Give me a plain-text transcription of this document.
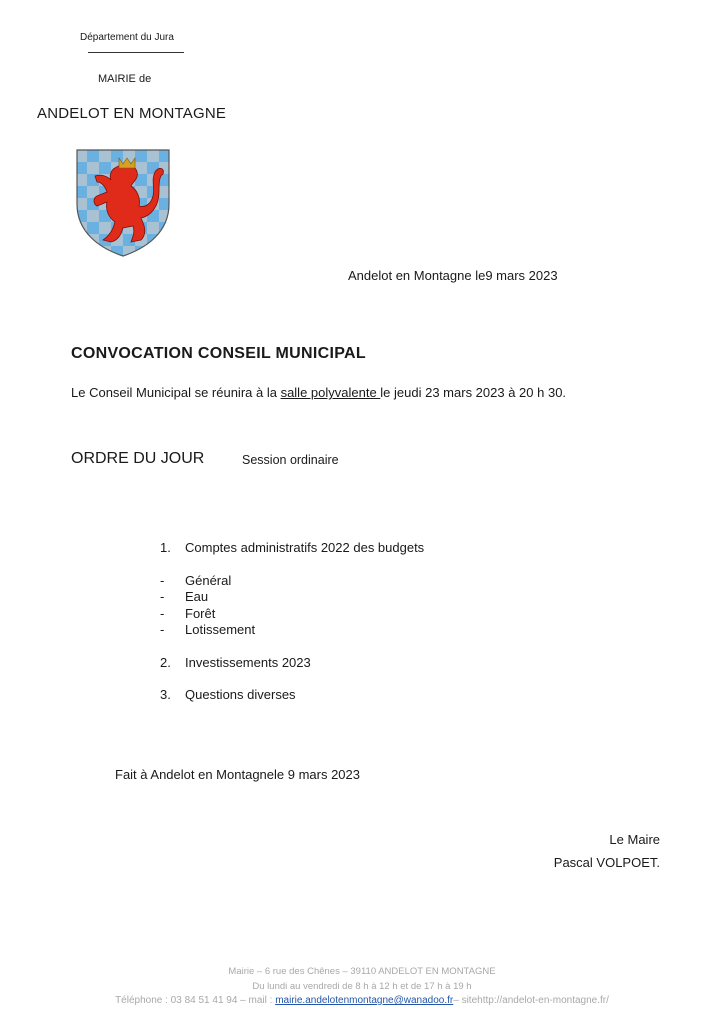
Département du Jura
MAIRIE de
ANDELOT EN MONTAGNE
Andelot en Montagne le9 mars 2023
CONVOCATION CONSEIL MUNICIPAL
Le Conseil Municipal se réunira à la salle polyvalente le jeudi 23 mars 2023 à 20 h 30.
ORDRE DU JOUR	Session ordinaire
1.	Comptes administratifs 2022 des budgets
-	Général
-	Eau
-	Forêt
-	Lotissement
2.	Investissements 2023
3.	Questions diverses
Fait à Andelot en Montagnele 9 mars 2023
Le Maire
Pascal VOLPOET.
Mairie – 6 rue des Chênes – 39110 ANDELOT EN MONTAGNE
Du lundi au vendredi de 8 h à 12 h et de 17 h à 19 h
Téléphone : 03 84 51 41 94 – mail : mairie.andelotenmontagne@wanadoo.fr– sitehttp://andelot-en-montagne.fr/
